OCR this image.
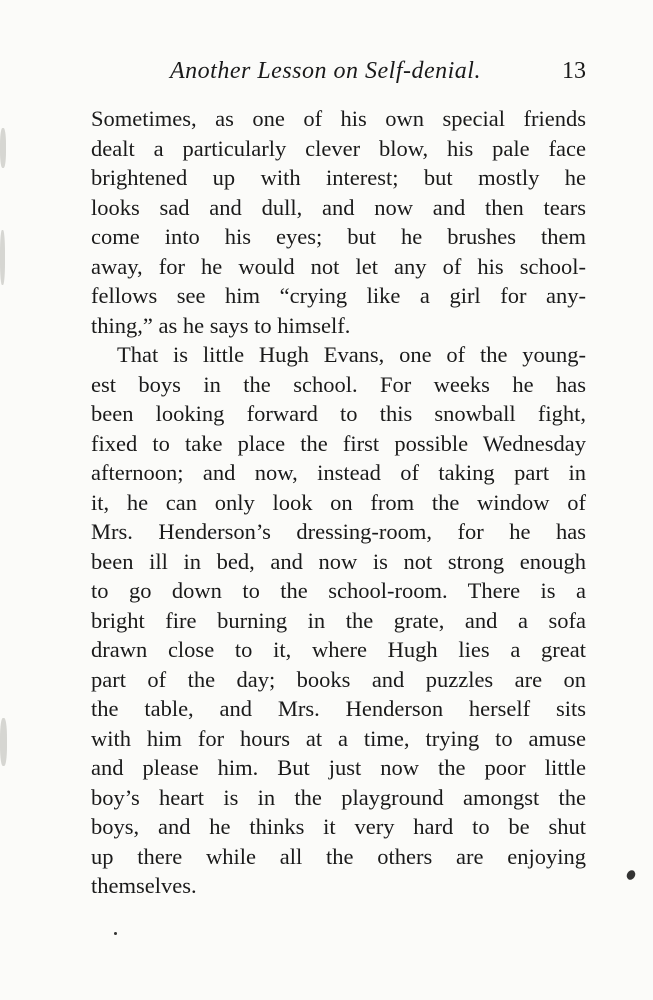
Another Lesson on Self-denial.	13
Sometimes, as one of his own special friends
dealt a particularly clever blow, his pale face
brightened up with interest; but mostly he
looks sad and dull, and now and then tears
come into his eyes; but he brushes them
away, for he would not let any of his school-
fellows see him “crying like a girl for any-
thing,” as he says to himself.
That is little Hugh Evans, one of the young-
est boys in the school. For weeks he has
been looking forward to this snowball fight,
fixed to take place the first possible Wednesday
afternoon; and now, instead of taking part in
it, he can only look on from the window of
Mrs. Henderson’s dressing-room, for he has
been ill in bed, and now is not strong enough
to go down to the school-room. There is a
bright fire burning in the grate, and a sofa
drawn close to it, where Hugh lies a great
part of the day; books and puzzles are on
the table, and Mrs. Henderson herself sits
with him for hours at a time, trying to amuse
and please him. But just now the poor little
boy’s heart is in the playground amongst the
boys, and he thinks it very hard to be shut
up there while all the others are enjoying
themselves.
